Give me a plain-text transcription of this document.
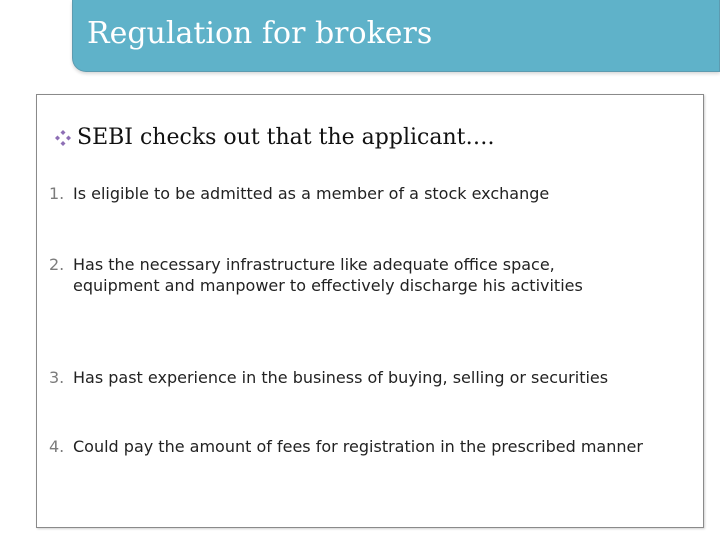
Regulation for brokers
SEBI checks out that the applicant….
1. Is eligible to be admitted as a member of a stock exchange
2. Has the necessary infrastructure like adequate office space, equipment and manpower to effectively discharge his activities
3. Has past experience in the business of buying, selling or securities
4. Could pay the amount of fees for registration in the prescribed manner
